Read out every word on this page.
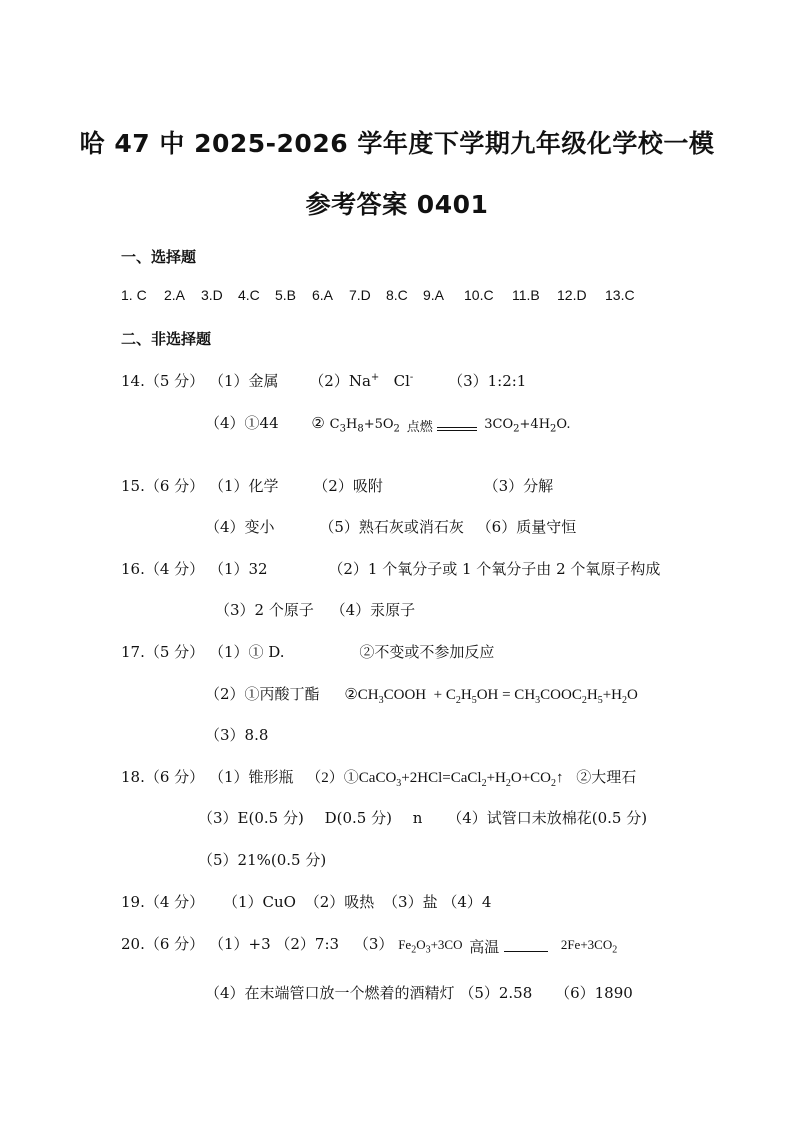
哈 47 中 2025-2026 学年度下学期九年级化学校一模
参考答案 0401
一、选择题
1. C	2.A	3.D	4.C	5.B	6.A	7.D	8.C	9.A	10.C	11.B	12.D	13.C
二、非选择题
14.（5 分） （1）金属 （2）Na+ Cl- （3）1:2:1
（4）①44 ② $C_3H_8+5O_2$ 点燃	$3CO_2+4H_2O$.
15.（6 分） （1）化学 （2）吸附	（3）分解
（4）变小	（5）熟石灰或消石灰 （6）质量守恒
16.（4 分） （1）32	（2）1 个氧分子或 1 个氧分子由 2 个氧原子构成
（3）2 个原子 （4）汞原子
17.（5 分） （1）① D.	②不变或不参加反应
（2）①丙酸丁酯 $②CH_3COOH + C_2H_5OH$ = $CH_3COOC_2H_5+H_2O$
（3）8.8
18.（6 分） （1）锥形瓶 $(2)①CaCO_3+2HCl=CaCl_2+H_2O+CO_2↑$ ②大理石
（3）E(0.5 分) D(0.5 分) n （4）试管口未放棉花(0.5 分)
（5）21%(0.5 分)
19.（4 分） （1）CuO （2）吸热 （3）盐 （4）4
20.（6 分） （1）+3 （2）7:3 （3） $Fe_2O_3+3CO$ 高温	$2Fe+3CO_2$
（4）在末端管口放一个燃着的酒精灯 （5）2.58 （6）1890
